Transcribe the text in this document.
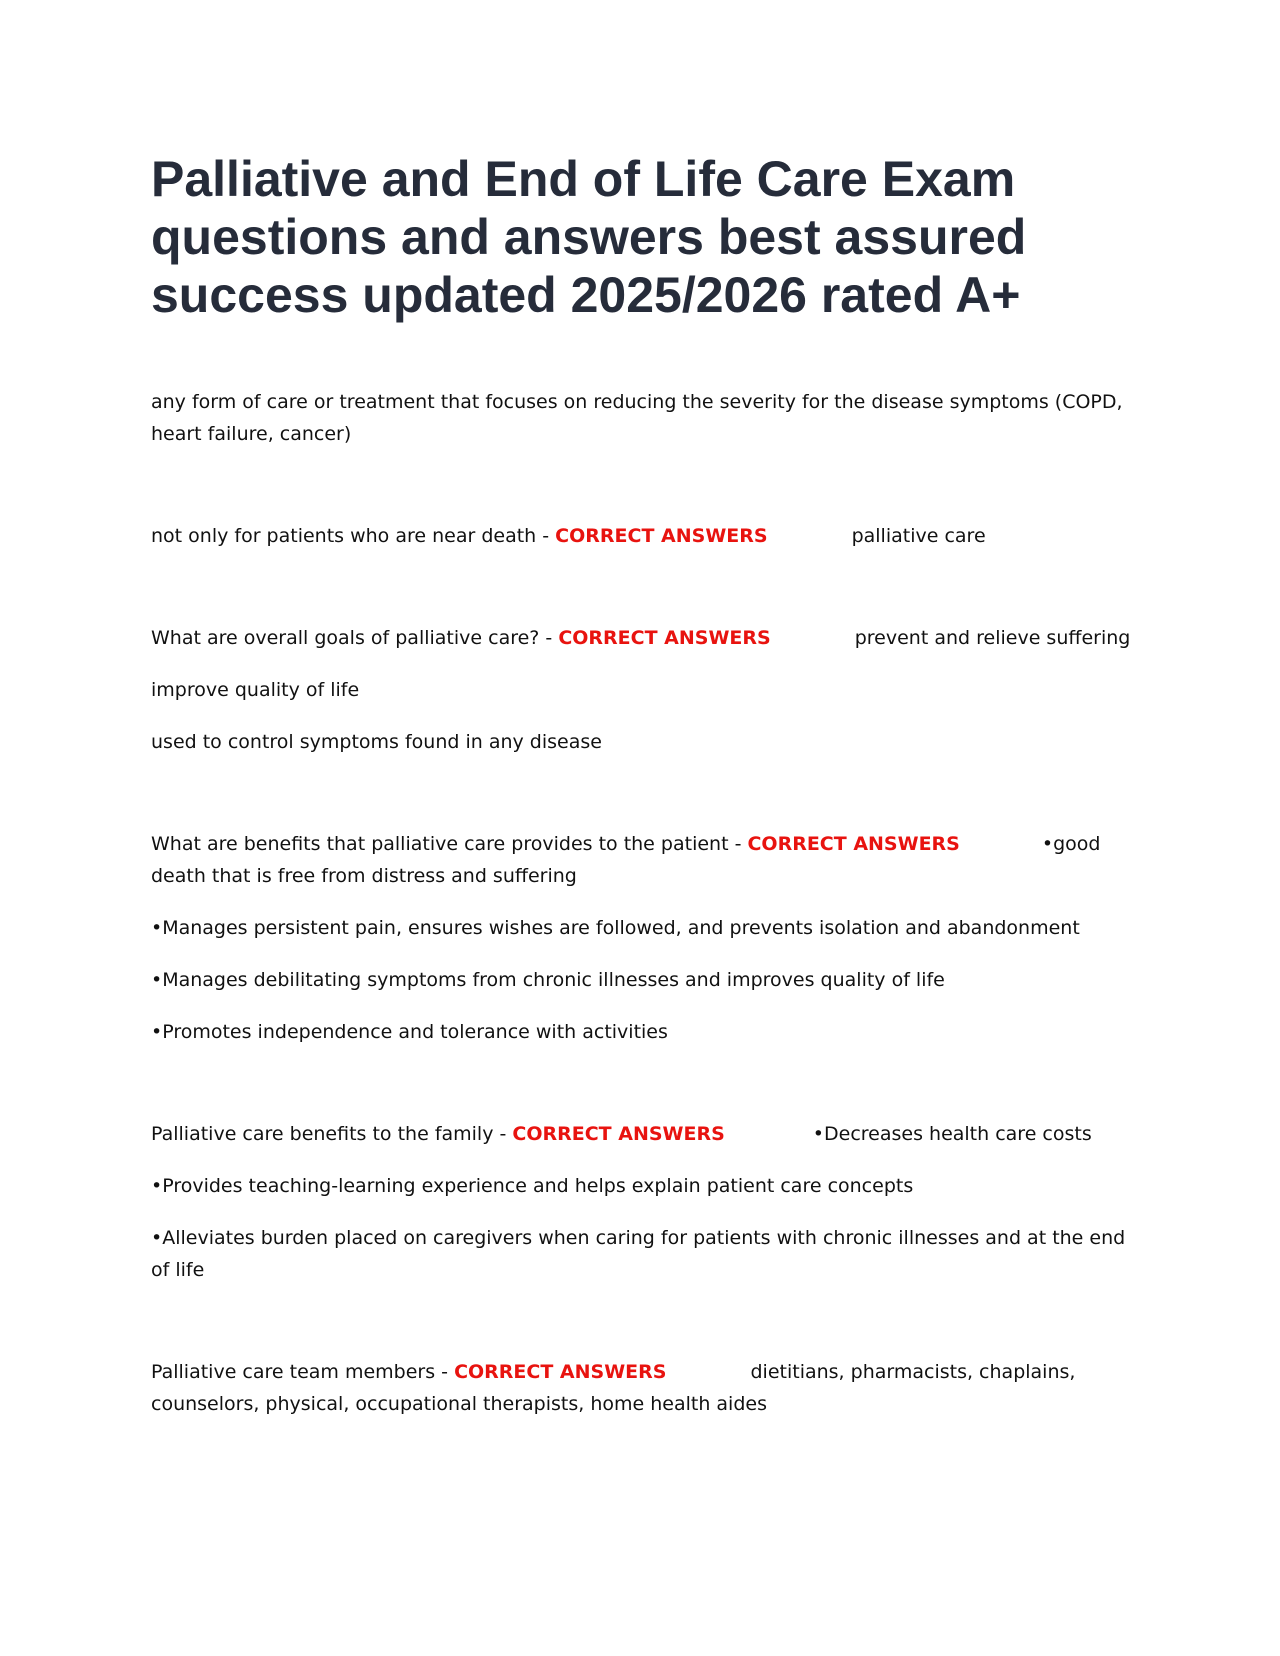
Palliative and End of Life Care Exam questions and answers best assured success updated 2025/2026 rated A+

any form of care or treatment that focuses on reducing the severity for the disease symptoms (COPD, heart failure, cancer)

not only for patients who are near death - CORRECT ANSWERS	palliative care

What are overall goals of palliative care? - CORRECT ANSWERS	prevent and relieve suffering

improve quality of life

used to control symptoms found in any disease

What are benefits that palliative care provides to the patient - CORRECT ANSWERS	•good death that is free from distress and suffering

•Manages persistent pain, ensures wishes are followed, and prevents isolation and abandonment

•Manages debilitating symptoms from chronic illnesses and improves quality of life

•Promotes independence and tolerance with activities

Palliative care benefits to the family - CORRECT ANSWERS	•Decreases health care costs

•Provides teaching-learning experience and helps explain patient care concepts

•Alleviates burden placed on caregivers when caring for patients with chronic illnesses and at the end of life

Palliative care team members - CORRECT ANSWERS	dietitians, pharmacists, chaplains, counselors, physical, occupational therapists, home health aides
